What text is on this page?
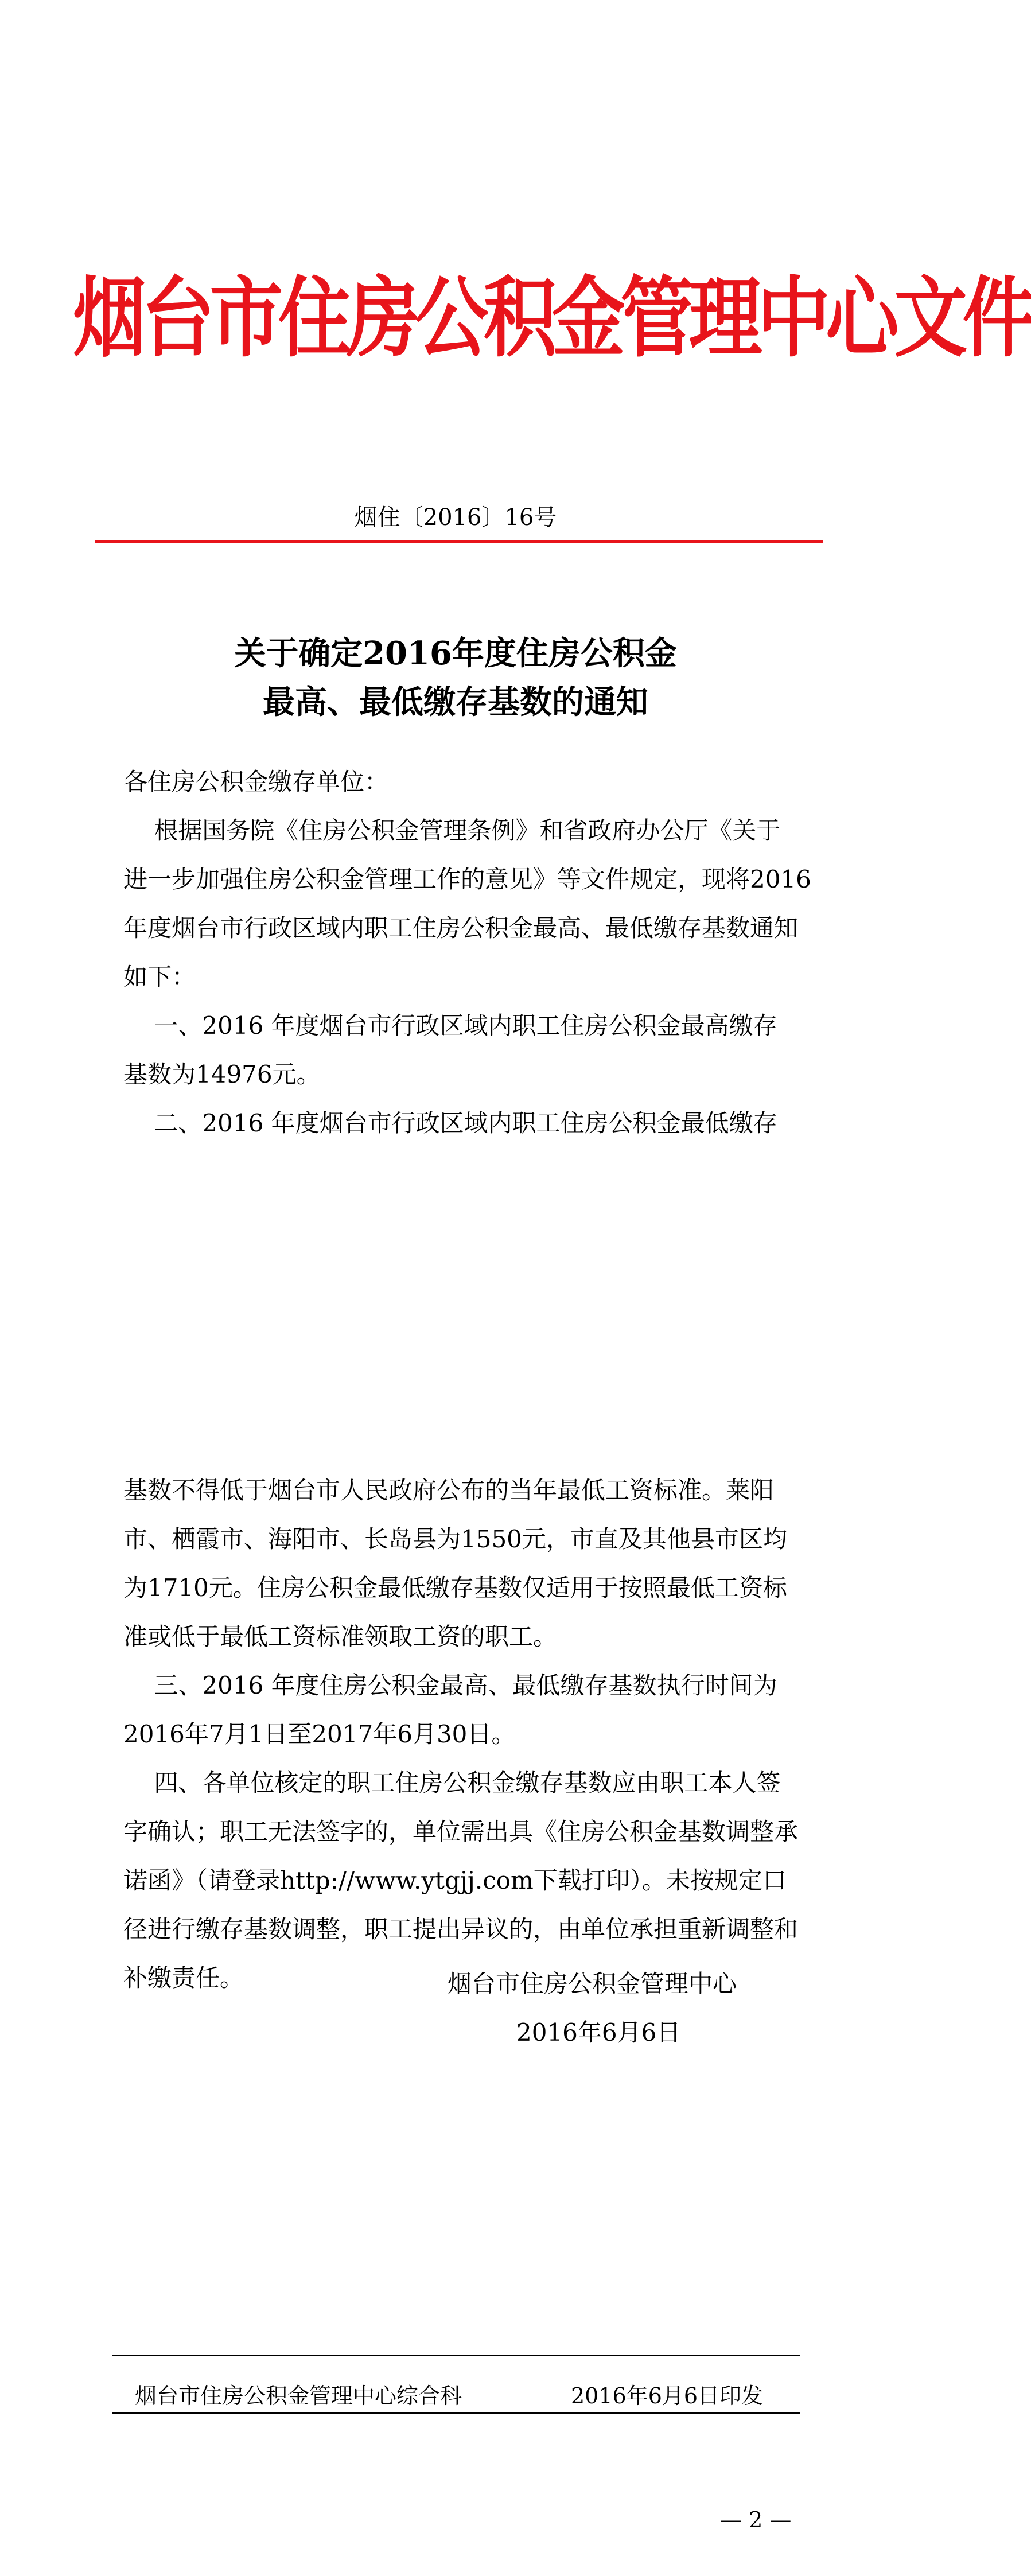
烟台市住房公积金管理中心文件
烟住〔2016〕16号
关于确定2016年度住房公积金
最高、最低缴存基数的通知
各住房公积金缴存单位：
根据国务院《住房公积金管理条例》和省政府办公厅《关于
进一步加强住房公积金管理工作的意见》等文件规定，现将2016
年度烟台市行政区域内职工住房公积金最高、最低缴存基数通知
如下：
一、2016 年度烟台市行政区域内职工住房公积金最高缴存
基数为14976元。
二、2016 年度烟台市行政区域内职工住房公积金最低缴存
基数不得低于烟台市人民政府公布的当年最低工资标准。莱阳
市、栖霞市、海阳市、长岛县为1550元，市直及其他县市区均
为1710元。住房公积金最低缴存基数仅适用于按照最低工资标
准或低于最低工资标准领取工资的职工。
三、2016 年度住房公积金最高、最低缴存基数执行时间为
2016年7月1日至2017年6月30日。
四、各单位核定的职工住房公积金缴存基数应由职工本人签
字确认；职工无法签字的，单位需出具《住房公积金基数调整承
诺函》（请登录http://www.ytgjj.com下载打印）。未按规定口
径进行缴存基数调整，职工提出异议的，由单位承担重新调整和
补缴责任。	烟台市住房公积金管理中心
2016年6月6日
烟台市住房公积金管理中心综合科	2016年6月6日印发
— 2 —
